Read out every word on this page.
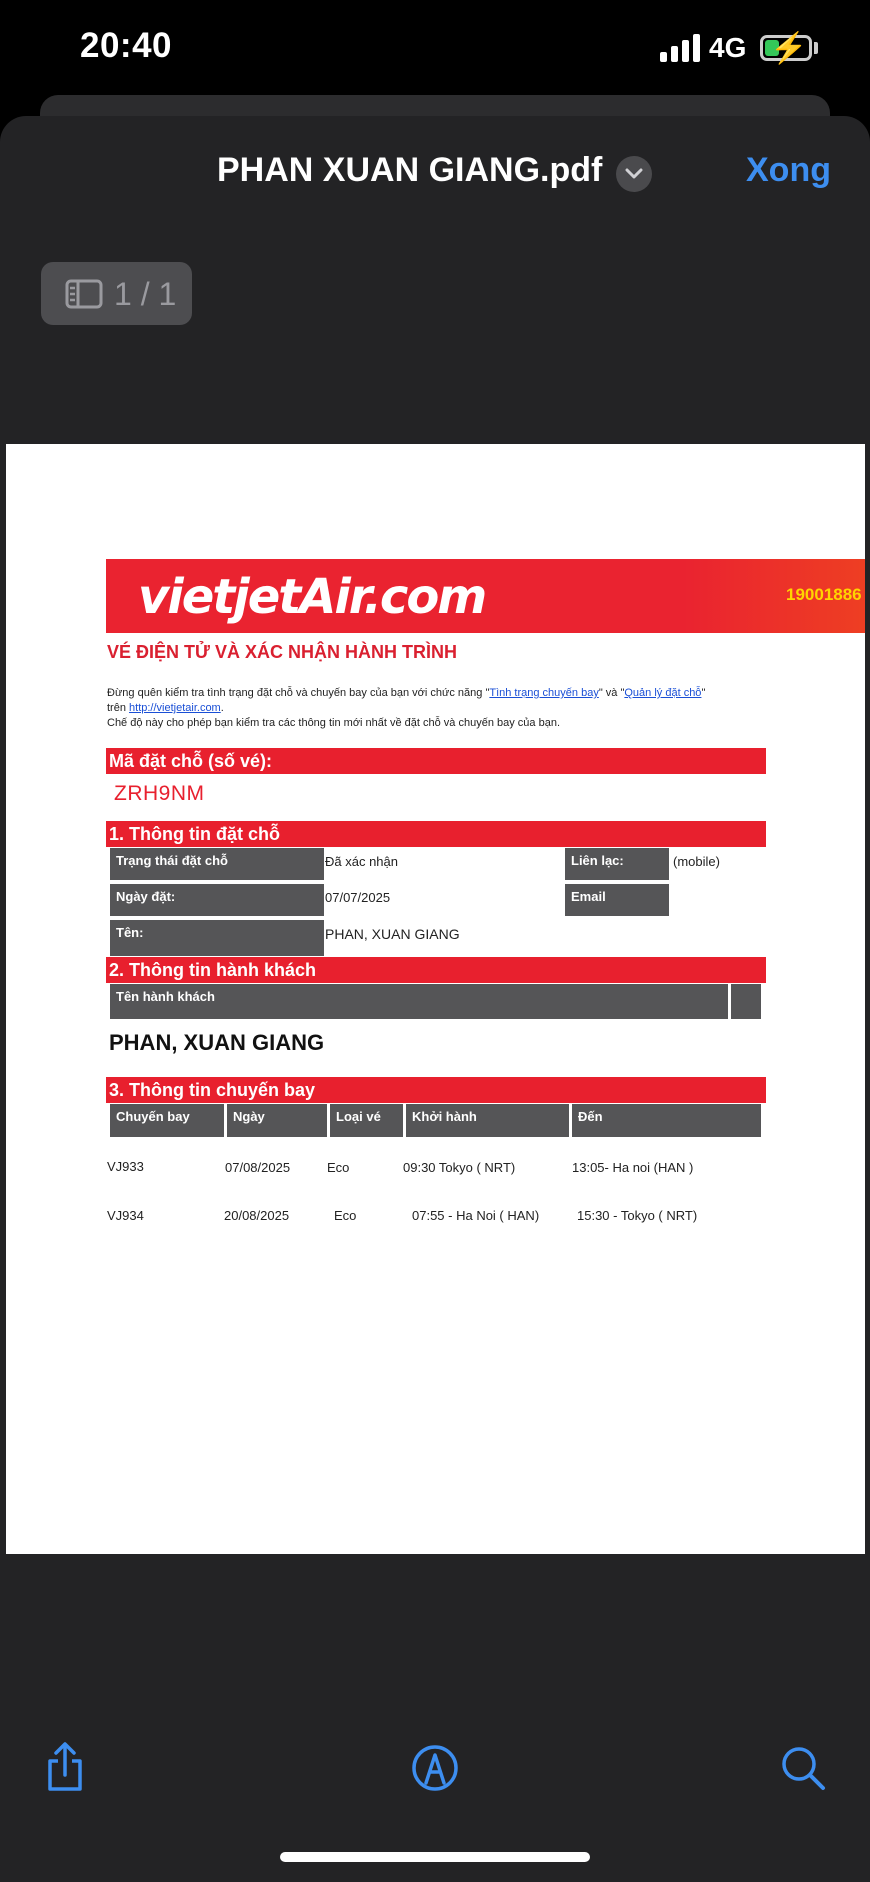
20:40	4G ⚡
PHAN XUAN GIANG.pdf	Xong
1 / 1
vietjetAir.com	19001886
VÉ ĐIỆN TỬ VÀ XÁC NHẬN HÀNH TRÌNH
Đừng quên kiểm tra tình trạng đặt chỗ và chuyến bay của bạn với chức năng "Tình trạng chuyến bay" và "Quản lý đặt chỗ"
trên http://vietjetair.com.
Chế độ này cho phép bạn kiểm tra các thông tin mới nhất về đặt chỗ và chuyến bay của bạn.
Mã đặt chỗ (số vé):
ZRH9NM
1. Thông tin đặt chỗ
Trạng thái đặt chỗ	Đã xác nhận	Liên lạc:	(mobile)
Ngày đặt:	07/07/2025	Email
Tên:	PHAN, XUAN GIANG
2. Thông tin hành khách
Tên hành khách
PHAN, XUAN GIANG
3. Thông tin chuyến bay
Chuyến bay	Ngày	Loại vé	Khởi hành	Đến
VJ933	07/08/2025	Eco	09:30 Tokyo ( NRT)	13:05- Ha noi (HAN )
VJ934	20/08/2025	Eco	07:55 - Ha Noi ( HAN)	15:30 - Tokyo ( NRT)
